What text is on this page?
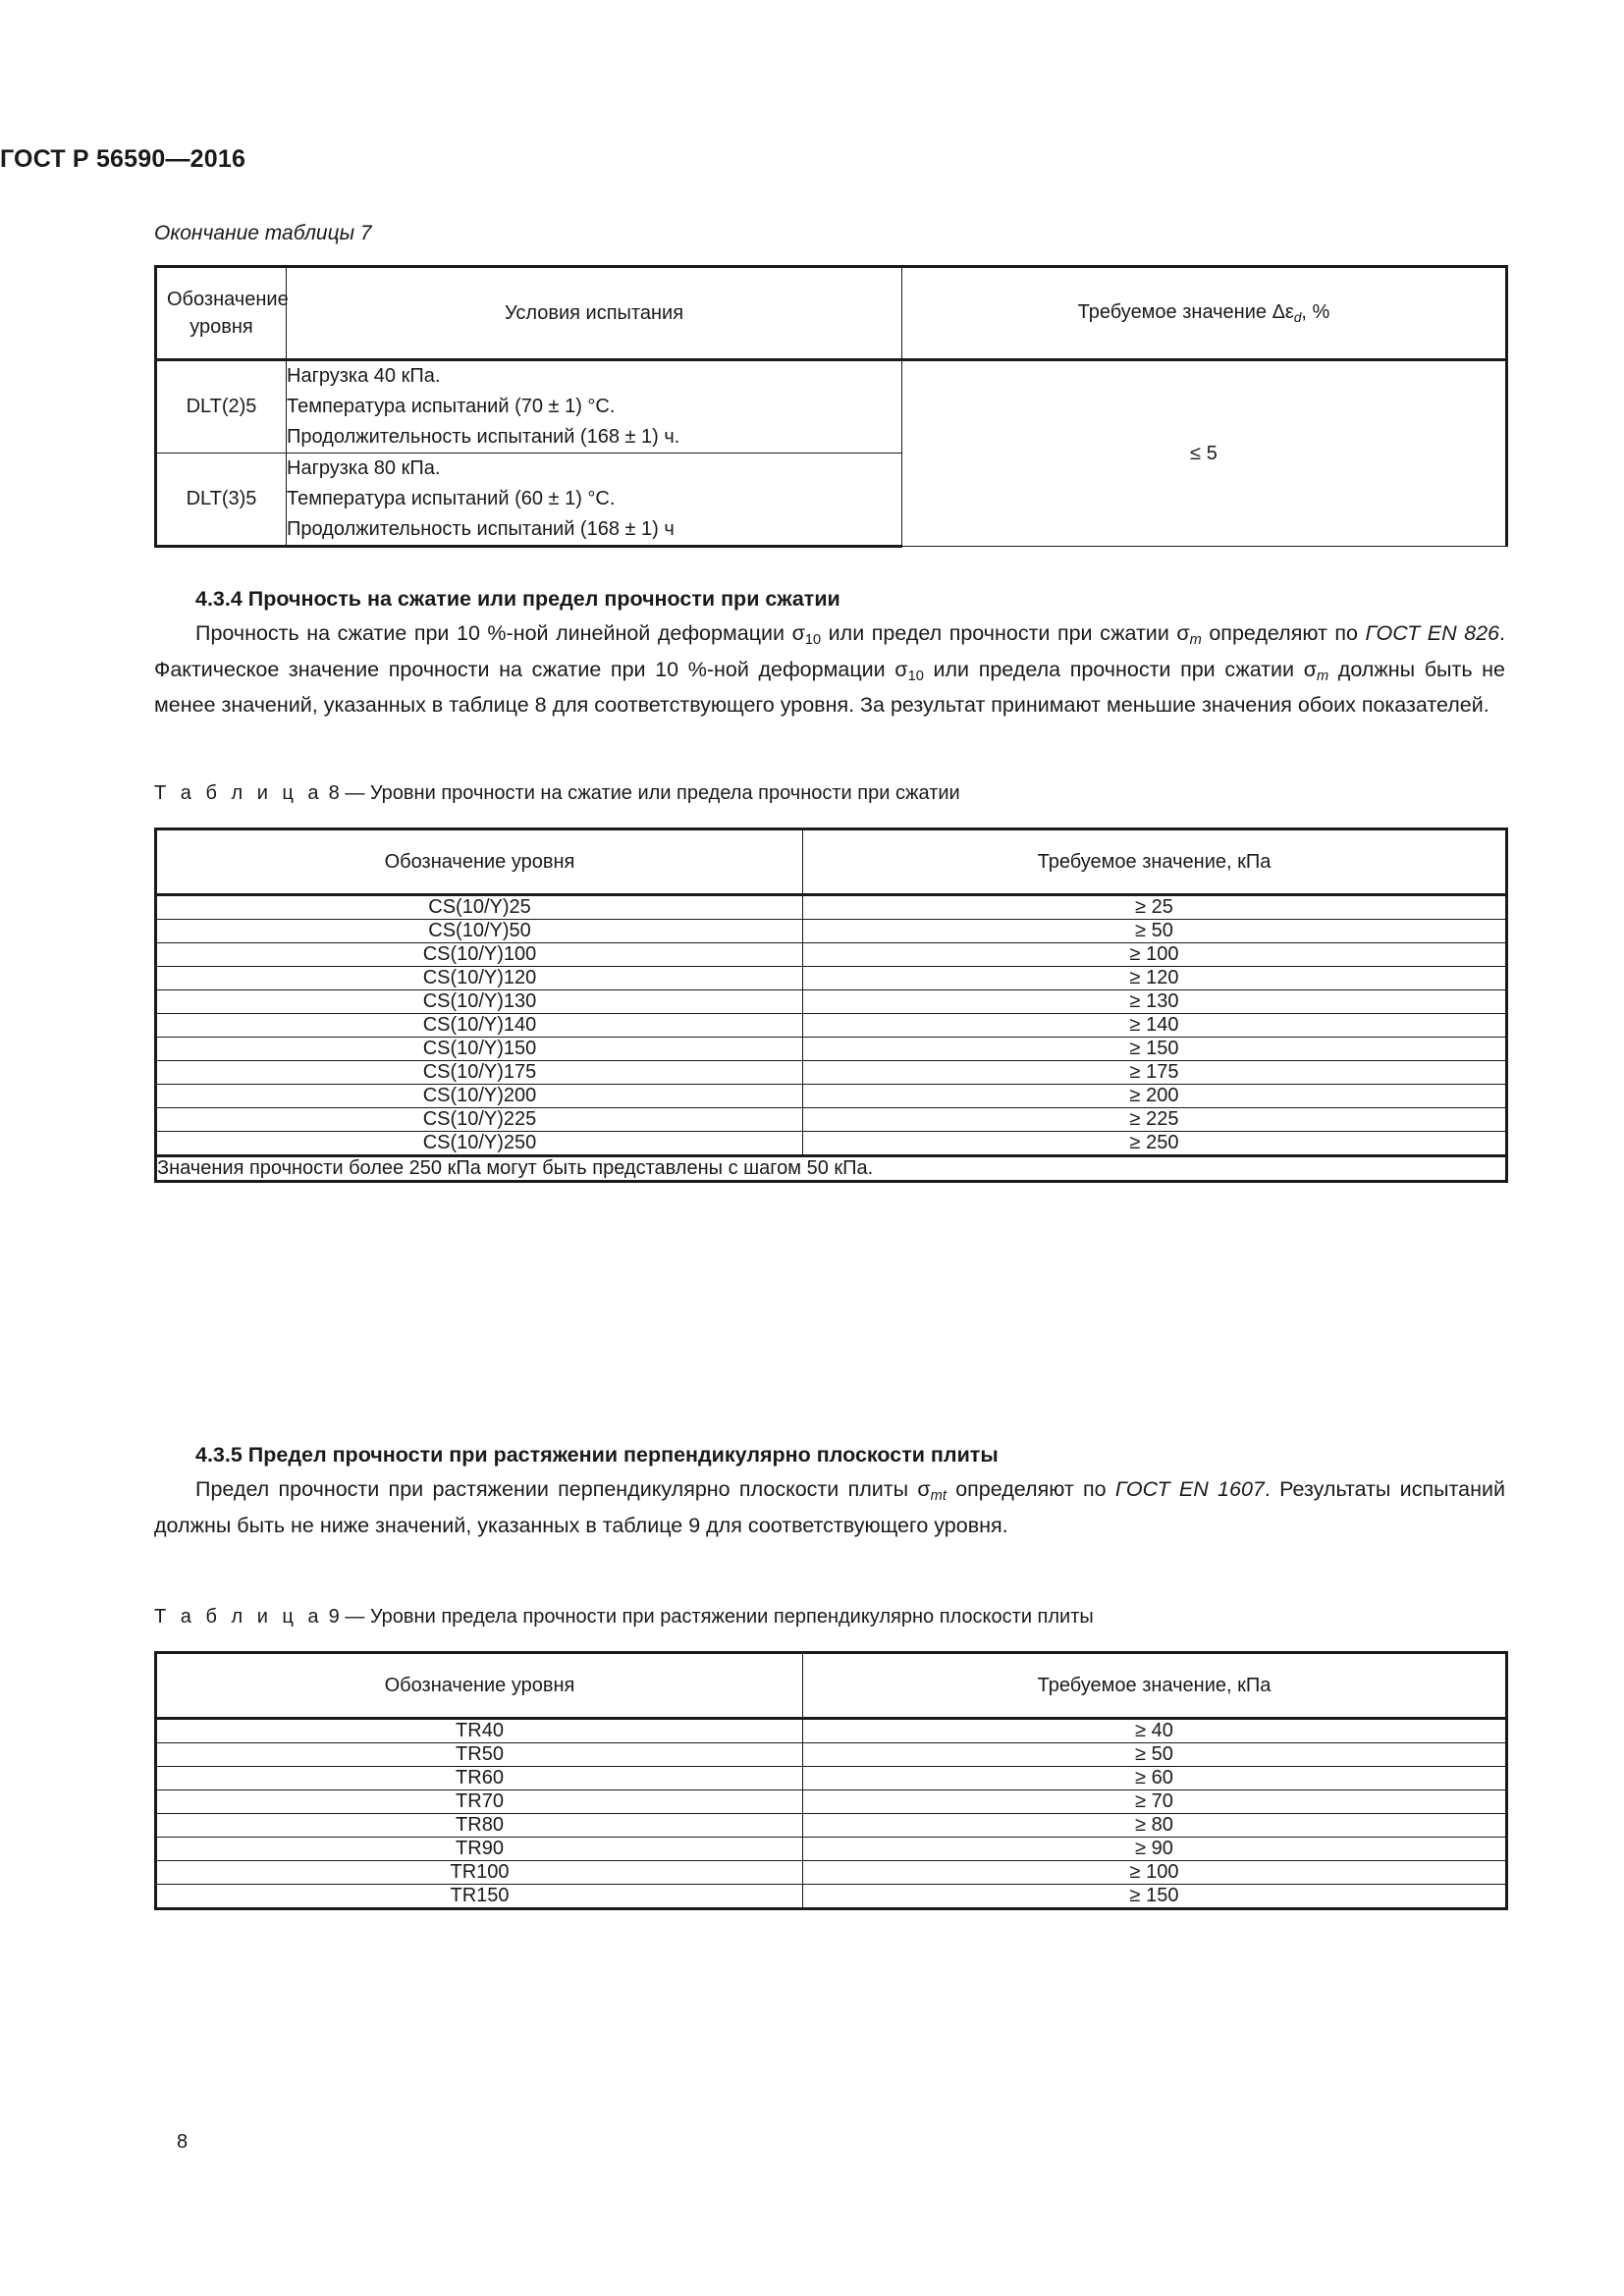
ГОСТ Р 56590—2016
Окончание таблицы 7
Обозначение уровня	Условия испытания	Требуемое значение $\Delta\varepsilon_d$, %

DLT(2)5	Нагрузка 40 кПа.
Температура испытаний (70 ± 1) °С.
Продолжительность испытаний (168 ± 1) ч.	≤ 5
DLT(3)5	Нагрузка 80 кПа.
Температура испытаний (60 ± 1) °С.
Продолжительность испытаний (168 ± 1) ч	
4.3.4 Прочность на сжатие или предел прочности при сжатии

Прочность на сжатие при 10 %-ной линейной деформации $\sigma_{10}$ или предел прочности при сжатии $\sigma_m$ определяют по ГОСТ EN 826. Фактическое значение прочности на сжатие при 10 %-ной деформации $\sigma_{10}$ или предела прочности при сжатии $\sigma_m$ должны быть не менее значений, указанных в таблице 8 для соответствующего уровня. За результат принимают меньшие значения обоих показателей.

Т а б л и ц а 8 — Уровни прочности на сжатие или предела прочности при сжатии
Обозначение уровня	Требуемое значение, кПа

CS(10/Y)25	≥ 25
CS(10/Y)50	≥ 50
CS(10/Y)100	≥ 100
CS(10/Y)120	≥ 120
CS(10/Y)130	≥ 130
CS(10/Y)140	≥ 140
CS(10/Y)150	≥ 150
CS(10/Y)175	≥ 175
CS(10/Y)200	≥ 200
CS(10/Y)225	≥ 225
CS(10/Y)250	≥ 250
Значения прочности более 250 кПа могут быть представлены с шагом 50 кПа.	
4.3.5 Предел прочности при растяжении перпендикулярно плоскости плиты

Предел прочности при растяжении перпендикулярно плоскости плиты $\sigma_{mt}$ определяют по ГОСТ EN 1607. Результаты испытаний должны быть не ниже значений, указанных в таблице 9 для соответствующего уровня.

Т а б л и ц а 9 — Уровни предела прочности при растяжении перпендикулярно плоскости плиты
Обозначение уровня	Требуемое значение, кПа

TR40	≥ 40
TR50	≥ 50
TR60	≥ 60
TR70	≥ 70
TR80	≥ 80
TR90	≥ 90
TR100	≥ 100
TR150	≥ 150
8
